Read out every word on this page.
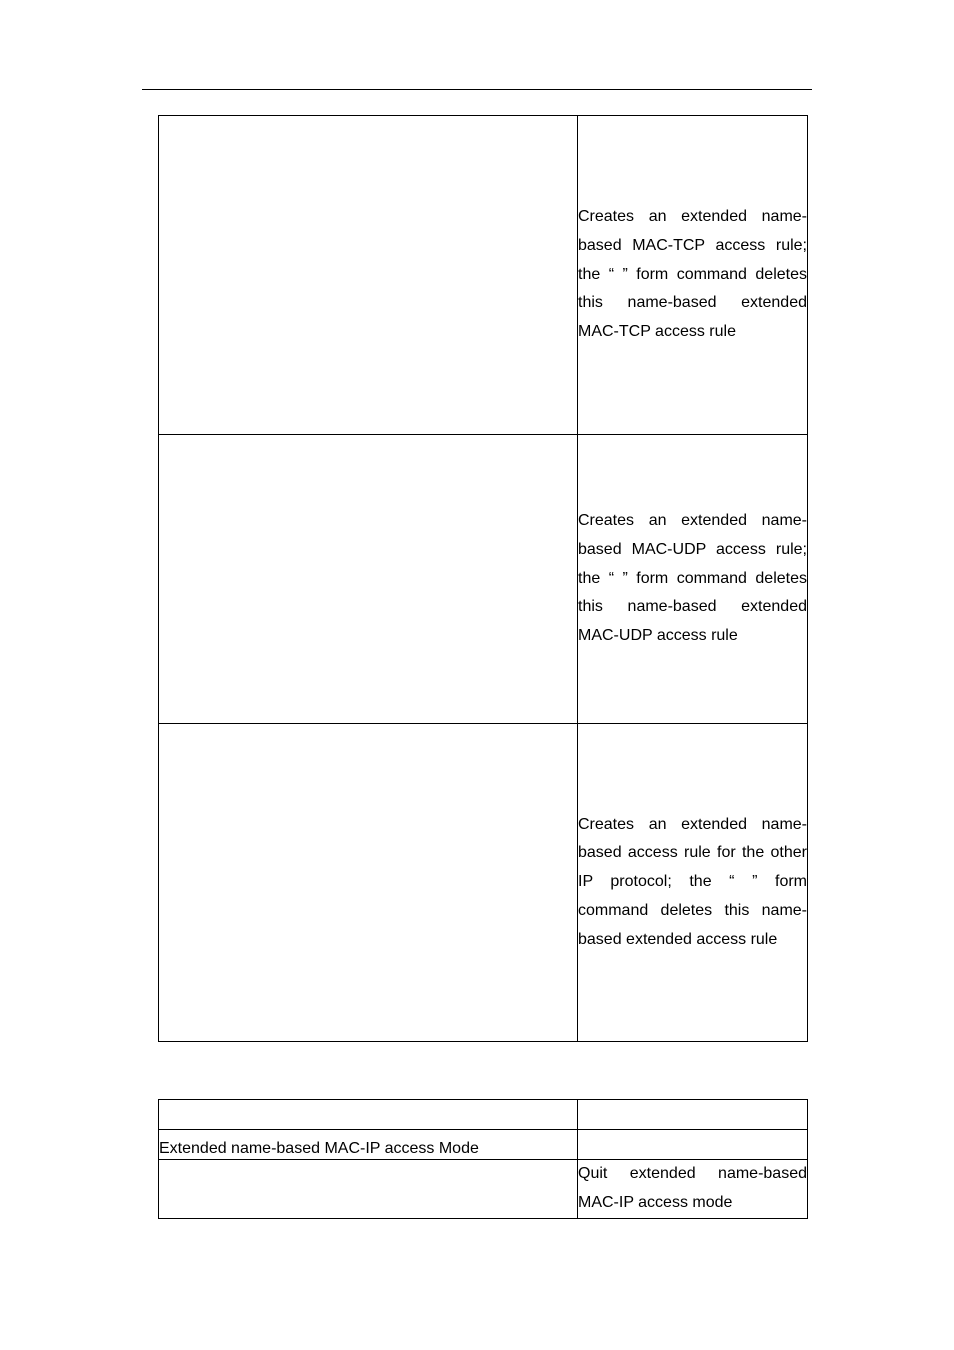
	Creates an extended name-based MAC-TCP access rule; the “ ” form command deletes this name-based extended MAC-TCP access rule
	Creates an extended name-based MAC-UDP access rule; the “ ” form command deletes this name-based extended MAC-UDP access rule
	Creates an extended name-based access rule for the other IP protocol; the “ ” form command deletes this name-based extended access rule

Extended name-based MAC-IP access Mode	
	Quit extended name-based MAC-IP access mode
